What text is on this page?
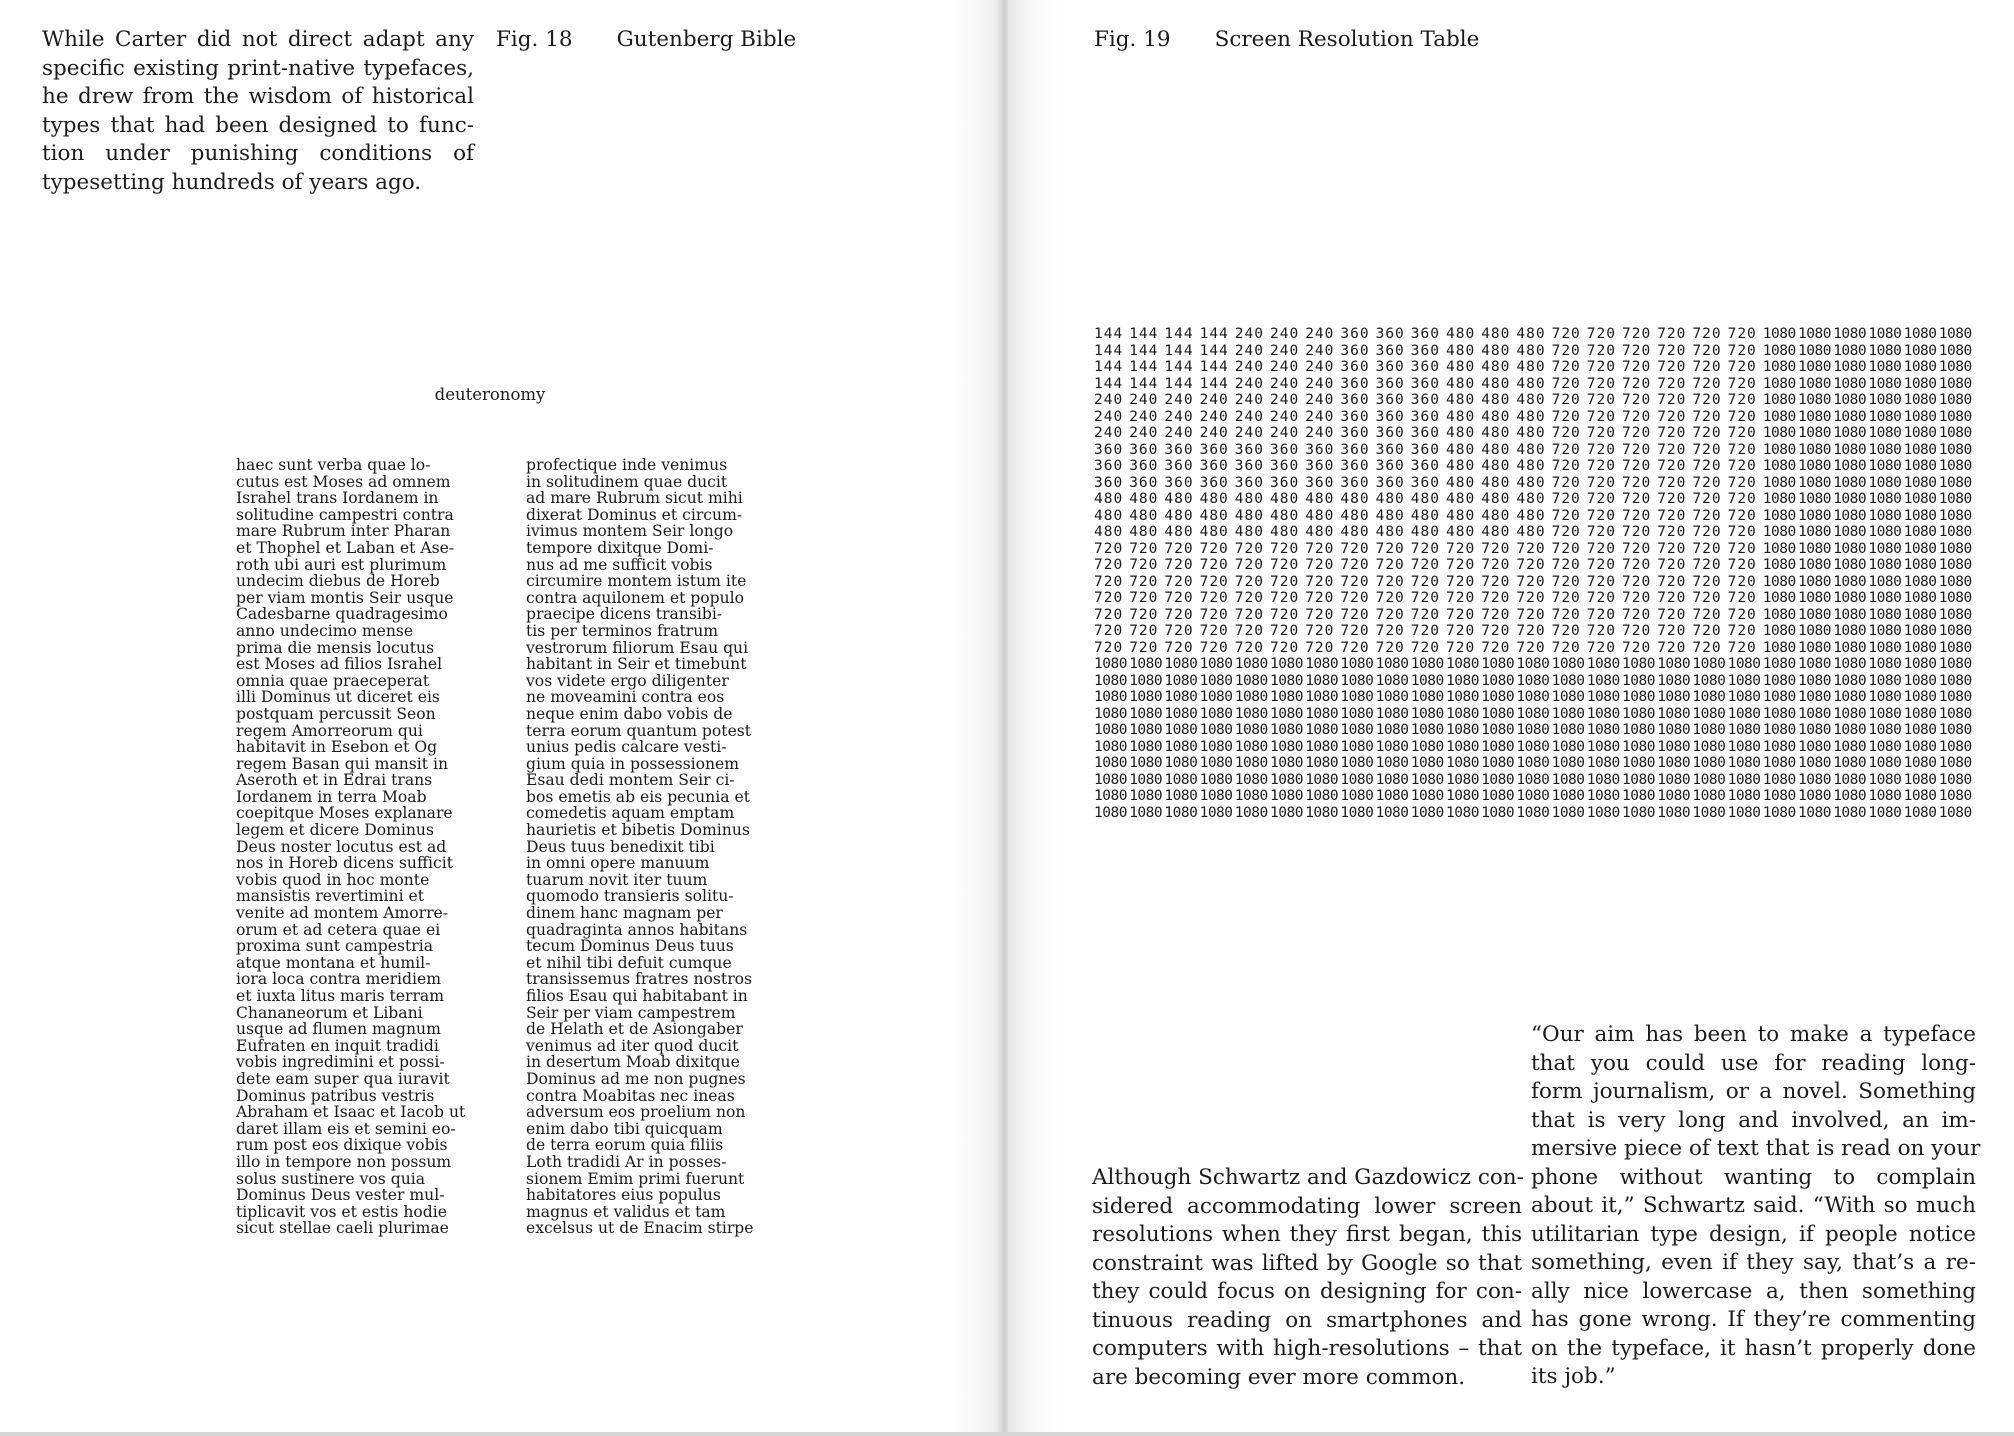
While Carter did not direct adapt any
specific existing print-native typefaces,
he drew from the wisdom of historical
types that had been designed to func-
tion under punishing conditions of
typesetting hundreds of years ago.
Fig. 18 Gutenberg Bible
deuteronomy
haec sunt verba quae lo-
cutus est Moses ad omnem
Israhel trans Iordanem in
solitudine campestri contra
mare Rubrum inter Pharan
et Thophel et Laban et Ase-
roth ubi auri est plurimum
undecim diebus de Horeb
per viam montis Seir usque
Cadesbarne quadragesimo
anno undecimo mense
prima die mensis locutus
est Moses ad filios Israhel
omnia quae praeceperat
illi Dominus ut diceret eis
postquam percussit Seon
regem Amorreorum qui
habitavit in Esebon et Og
regem Basan qui mansit in
Aseroth et in Edrai trans
Iordanem in terra Moab
coepitque Moses explanare
legem et dicere Dominus
Deus noster locutus est ad
nos in Horeb dicens sufficit
vobis quod in hoc monte
mansistis revertimini et
venite ad montem Amorre-
orum et ad cetera quae ei
proxima sunt campestria
atque montana et humil-
iora loca contra meridiem
et iuxta litus maris terram
Chananeorum et Libani
usque ad flumen magnum
Eufraten en inquit tradidi
vobis ingredimini et possi-
dete eam super qua iuravit
Dominus patribus vestris
Abraham et Isaac et Iacob ut
daret illam eis et semini eo-
rum post eos dixique vobis
illo in tempore non possum
solus sustinere vos quia
Dominus Deus vester mul-
tiplicavit vos et estis hodie
sicut stellae caeli plurimae
profectique inde venimus
in solitudinem quae ducit
ad mare Rubrum sicut mihi
dixerat Dominus et circum-
ivimus montem Seir longo
tempore dixitque Domi-
nus ad me sufficit vobis
circumire montem istum ite
contra aquilonem et populo
praecipe dicens transibi-
tis per terminos fratrum
vestrorum filiorum Esau qui
habitant in Seir et timebunt
vos videte ergo diligenter
ne moveamini contra eos
neque enim dabo vobis de
terra eorum quantum potest
unius pedis calcare vesti-
gium quia in possessionem
Esau dedi montem Seir ci-
bos emetis ab eis pecunia et
comedetis aquam emptam
haurietis et bibetis Dominus
Deus tuus benedixit tibi
in omni opere manuum
tuarum novit iter tuum
quomodo transieris solitu-
dinem hanc magnam per
quadraginta annos habitans
tecum Dominus Deus tuus
et nihil tibi defuit cumque
transissemus fratres nostros
filios Esau qui habitabant in
Seir per viam campestrem
de Helath et de Asiongaber
venimus ad iter quod ducit
in desertum Moab dixitque
Dominus ad me non pugnes
contra Moabitas nec ineas
adversum eos proelium non
enim dabo tibi quicquam
de terra eorum quia filiis
Loth tradidi Ar in posses-
sionem Emim primi fuerunt
habitatores eius populus
magnus et validus et tam
excelsus ut de Enacim stirpe
Fig. 19 Screen Resolution Table
144 144 144 144 240 240 240 360 360 360 480 480 480 720 720 720 720 720 720 1080 1080 1080 1080 1080 1080
144 144 144 144 240 240 240 360 360 360 480 480 480 720 720 720 720 720 720 1080 1080 1080 1080 1080 1080
144 144 144 144 240 240 240 360 360 360 480 480 480 720 720 720 720 720 720 1080 1080 1080 1080 1080 1080
144 144 144 144 240 240 240 360 360 360 480 480 480 720 720 720 720 720 720 1080 1080 1080 1080 1080 1080
240 240 240 240 240 240 240 360 360 360 480 480 480 720 720 720 720 720 720 1080 1080 1080 1080 1080 1080
240 240 240 240 240 240 240 360 360 360 480 480 480 720 720 720 720 720 720 1080 1080 1080 1080 1080 1080
240 240 240 240 240 240 240 360 360 360 480 480 480 720 720 720 720 720 720 1080 1080 1080 1080 1080 1080
360 360 360 360 360 360 360 360 360 360 480 480 480 720 720 720 720 720 720 1080 1080 1080 1080 1080 1080
360 360 360 360 360 360 360 360 360 360 480 480 480 720 720 720 720 720 720 1080 1080 1080 1080 1080 1080
360 360 360 360 360 360 360 360 360 360 480 480 480 720 720 720 720 720 720 1080 1080 1080 1080 1080 1080
480 480 480 480 480 480 480 480 480 480 480 480 480 720 720 720 720 720 720 1080 1080 1080 1080 1080 1080
480 480 480 480 480 480 480 480 480 480 480 480 480 720 720 720 720 720 720 1080 1080 1080 1080 1080 1080
480 480 480 480 480 480 480 480 480 480 480 480 480 720 720 720 720 720 720 1080 1080 1080 1080 1080 1080
720 720 720 720 720 720 720 720 720 720 720 720 720 720 720 720 720 720 720 1080 1080 1080 1080 1080 1080
720 720 720 720 720 720 720 720 720 720 720 720 720 720 720 720 720 720 720 1080 1080 1080 1080 1080 1080
720 720 720 720 720 720 720 720 720 720 720 720 720 720 720 720 720 720 720 1080 1080 1080 1080 1080 1080
720 720 720 720 720 720 720 720 720 720 720 720 720 720 720 720 720 720 720 1080 1080 1080 1080 1080 1080
720 720 720 720 720 720 720 720 720 720 720 720 720 720 720 720 720 720 720 1080 1080 1080 1080 1080 1080
720 720 720 720 720 720 720 720 720 720 720 720 720 720 720 720 720 720 720 1080 1080 1080 1080 1080 1080
720 720 720 720 720 720 720 720 720 720 720 720 720 720 720 720 720 720 720 1080 1080 1080 1080 1080 1080
1080 1080 1080 1080 1080 1080 1080 1080 1080 1080 1080 1080 1080 1080 1080 1080 1080 1080 1080 1080 1080 1080 1080 1080 1080
1080 1080 1080 1080 1080 1080 1080 1080 1080 1080 1080 1080 1080 1080 1080 1080 1080 1080 1080 1080 1080 1080 1080 1080 1080
1080 1080 1080 1080 1080 1080 1080 1080 1080 1080 1080 1080 1080 1080 1080 1080 1080 1080 1080 1080 1080 1080 1080 1080 1080
1080 1080 1080 1080 1080 1080 1080 1080 1080 1080 1080 1080 1080 1080 1080 1080 1080 1080 1080 1080 1080 1080 1080 1080 1080
1080 1080 1080 1080 1080 1080 1080 1080 1080 1080 1080 1080 1080 1080 1080 1080 1080 1080 1080 1080 1080 1080 1080 1080 1080
1080 1080 1080 1080 1080 1080 1080 1080 1080 1080 1080 1080 1080 1080 1080 1080 1080 1080 1080 1080 1080 1080 1080 1080 1080
1080 1080 1080 1080 1080 1080 1080 1080 1080 1080 1080 1080 1080 1080 1080 1080 1080 1080 1080 1080 1080 1080 1080 1080 1080
1080 1080 1080 1080 1080 1080 1080 1080 1080 1080 1080 1080 1080 1080 1080 1080 1080 1080 1080 1080 1080 1080 1080 1080 1080
1080 1080 1080 1080 1080 1080 1080 1080 1080 1080 1080 1080 1080 1080 1080 1080 1080 1080 1080 1080 1080 1080 1080 1080 1080
1080 1080 1080 1080 1080 1080 1080 1080 1080 1080 1080 1080 1080 1080 1080 1080 1080 1080 1080 1080 1080 1080 1080 1080 1080
Although Schwartz and Gazdowicz con-
sidered accommodating lower screen
resolutions when they first began, this
constraint was lifted by Google so that
they could focus on designing for con-
tinuous reading on smartphones and
computers with high-resolutions – that
are becoming ever more common.
“Our aim has been to make a typeface
that you could use for reading long-
form journalism, or a novel. Something
that is very long and involved, an im-
mersive piece of text that is read on your
phone without wanting to complain
about it,” Schwartz said. “With so much
utilitarian type design, if people notice
something, even if they say, that’s a re-
ally nice lowercase a, then something
has gone wrong. If they’re commenting
on the typeface, it hasn’t properly done
its job.”
